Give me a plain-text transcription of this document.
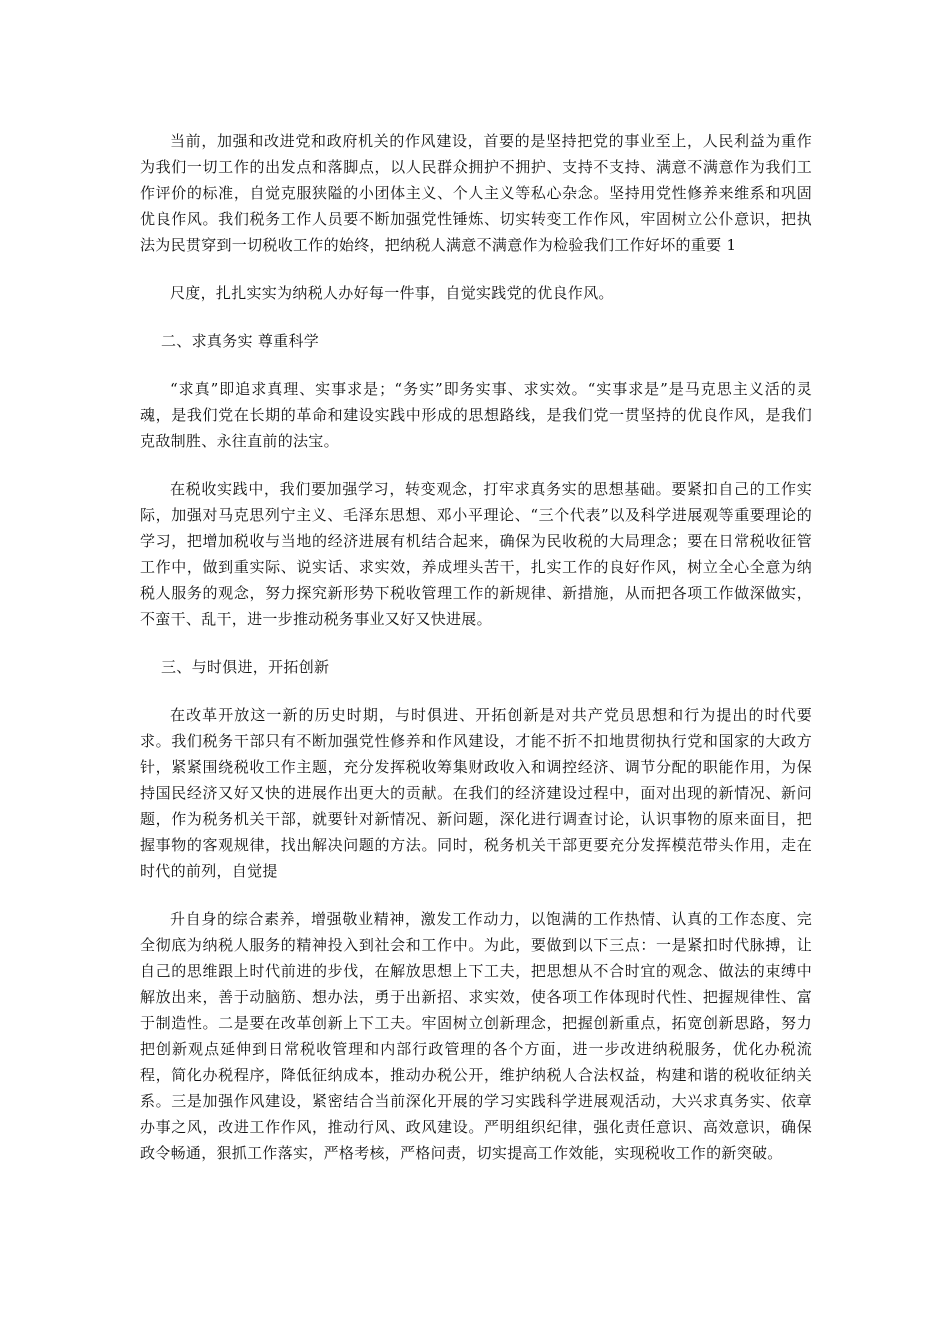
当前，加强和改进党和政府机关的作风建设，首要的是坚持把党的事业至上，人民利益为重作为我们一切工作的出发点和落脚点，以人民群众拥护不拥护、支持不支持、满意不满意作为我们工作评价的标准，自觉克服狭隘的小团体主义、个人主义等私心杂念。坚持用党性修养来维系和巩固优良作风。我们税务工作人员要不断加强党性锤炼、切实转变工作作风，牢固树立公仆意识，把执法为民贯穿到一切税收工作的始终，把纳税人满意不满意作为检验我们工作好坏的重要 1

尺度，扎扎实实为纳税人办好每一件事，自觉实践党的优良作风。

二、求真务实 尊重科学

“求真”即追求真理、实事求是；“务实”即务实事、求实效。“实事求是”是马克思主义活的灵魂，是我们党在长期的革命和建设实践中形成的思想路线，是我们党一贯坚持的优良作风，是我们克敌制胜、永往直前的法宝。

在税收实践中，我们要加强学习，转变观念，打牢求真务实的思想基础。要紧扣自己的工作实际，加强对马克思列宁主义、毛泽东思想、邓小平理论、“三个代表”以及科学进展观等重要理论的学习，把增加税收与当地的经济进展有机结合起来，确保为民收税的大局理念；要在日常税收征管工作中，做到重实际、说实话、求实效，养成埋头苦干，扎实工作的良好作风，树立全心全意为纳税人服务的观念，努力探究新形势下税收管理工作的新规律、新措施，从而把各项工作做深做实，不蛮干、乱干，进一步推动税务事业又好又快进展。

三、与时俱进，开拓创新

在改革开放这一新的历史时期，与时俱进、开拓创新是对共产党员思想和行为提出的时代要求。我们税务干部只有不断加强党性修养和作风建设，才能不折不扣地贯彻执行党和国家的大政方针，紧紧围绕税收工作主题，充分发挥税收筹集财政收入和调控经济、调节分配的职能作用，为保持国民经济又好又快的进展作出更大的贡献。在我们的经济建设过程中，面对出现的新情况、新问题，作为税务机关干部，就要针对新情况、新问题，深化进行调查讨论，认识事物的原来面目，把握事物的客观规律，找出解决问题的方法。同时，税务机关干部更要充分发挥模范带头作用，走在时代的前列，自觉提

升自身的综合素养，增强敬业精神，激发工作动力，以饱满的工作热情、认真的工作态度、完全彻底为纳税人服务的精神投入到社会和工作中。为此，要做到以下三点：一是紧扣时代脉搏，让自己的思维跟上时代前进的步伐，在解放思想上下工夫，把思想从不合时宜的观念、做法的束缚中解放出来，善于动脑筋、想办法，勇于出新招、求实效，使各项工作体现时代性、把握规律性、富于制造性。二是要在改革创新上下工夫。牢固树立创新理念，把握创新重点，拓宽创新思路，努力把创新观点延伸到日常税收管理和内部行政管理的各个方面，进一步改进纳税服务，优化办税流程，简化办税程序，降低征纳成本，推动办税公开，维护纳税人合法权益，构建和谐的税收征纳关系。三是加强作风建设，紧密结合当前深化开展的学习实践科学进展观活动，大兴求真务实、依章办事之风，改进工作作风，推动行风、政风建设。严明组织纪律，强化责任意识、高效意识，确保政令畅通，狠抓工作落实，严格考核，严格问责，切实提高工作效能，实现税收工作的新突破。
